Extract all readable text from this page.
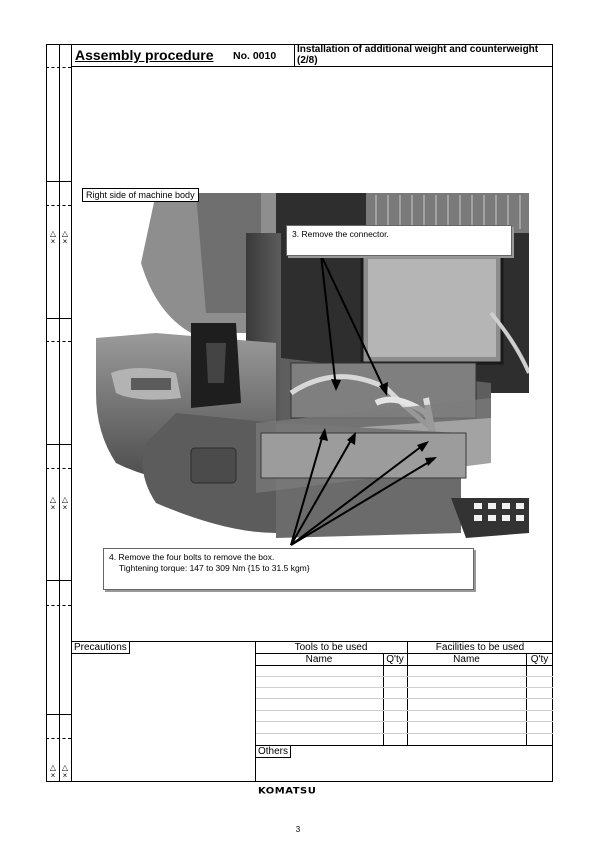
△
×
△
×
△
×
△
×
△
×
△
×
Assembly procedure No. 0010
Installation of additional weight and counterweight (2/8)
Right side of machine body
3. Remove the connector.
4. Remove the four bolts to remove the box.
Tightening torque: 147 to 309 Nm {15 to 31.5 kgm}
Precautions	Tools to be used	Facilities to be used
Name	Q'ty	Name	Q'ty
Others
KOMATSU
3
